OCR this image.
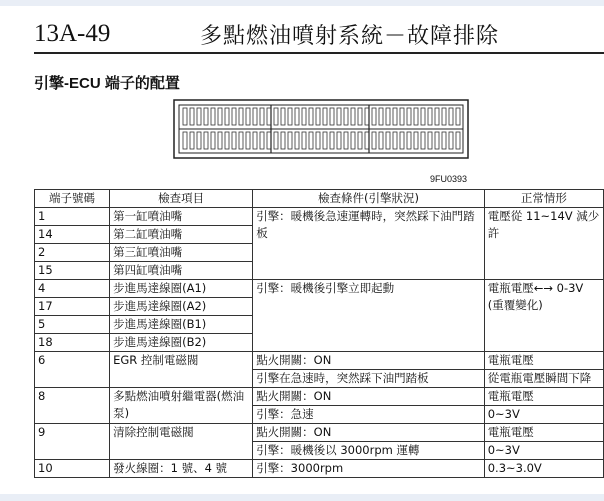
13A-49	多點燃油噴射系統－故障排除
引擎-ECU 端子的配置
9FU0393
端子號碼	檢查項目	檢查條件(引擎狀況)	正常情形
1	第一缸噴油嘴	引擎：暖機後急速運轉時，突然踩下油門踏板	電壓從 11~14V 減少許
14	第二缸噴油嘴		
2	第三缸噴油嘴		
15	第四缸噴油嘴		
4	步進馬達線圈(A1)	引擎：暖機後引擎立即起動	電瓶電壓←→ 0-3V (重覆變化)
17	步進馬達線圈(A2)		
5	步進馬達線圈(B1)		
18	步進馬達線圈(B2)		
6	EGR 控制電磁閥	點火開關：ON	電瓶電壓
		引擎在急速時，突然踩下油門踏板	從電瓶電壓瞬間下降
8	多點燃油噴射繼電器(燃油泵)	點火開關：ON	電瓶電壓
		引擎：急速	0~3V
9	清除控制電磁閥	點火開關：ON	電瓶電壓
		引擎：暖機後以 3000rpm 運轉	0~3V
10	發火線圈：1 號、4 號	引擎：3000rpm	0.3~3.0V
